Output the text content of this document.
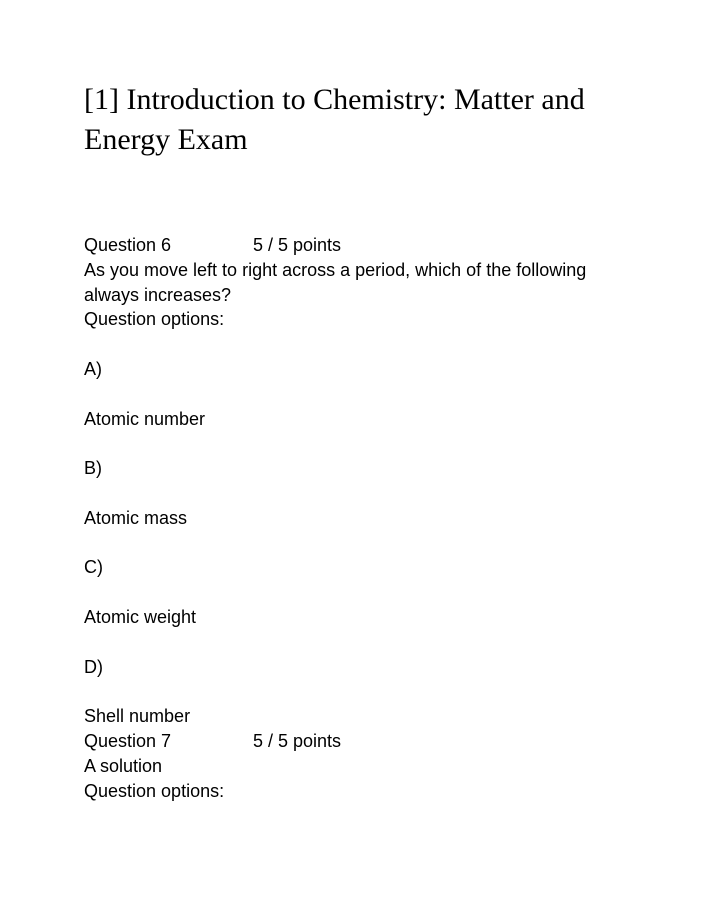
[1] Introduction to Chemistry: Matter and Energy Exam
Question 6	5 / 5 points
As you move left to right across a period, which of the following
always increases?
Question options:
A)
Atomic number
B)
Atomic mass
C)
Atomic weight
D)
Shell number
Question 7	5 / 5 points
A solution
Question options:
